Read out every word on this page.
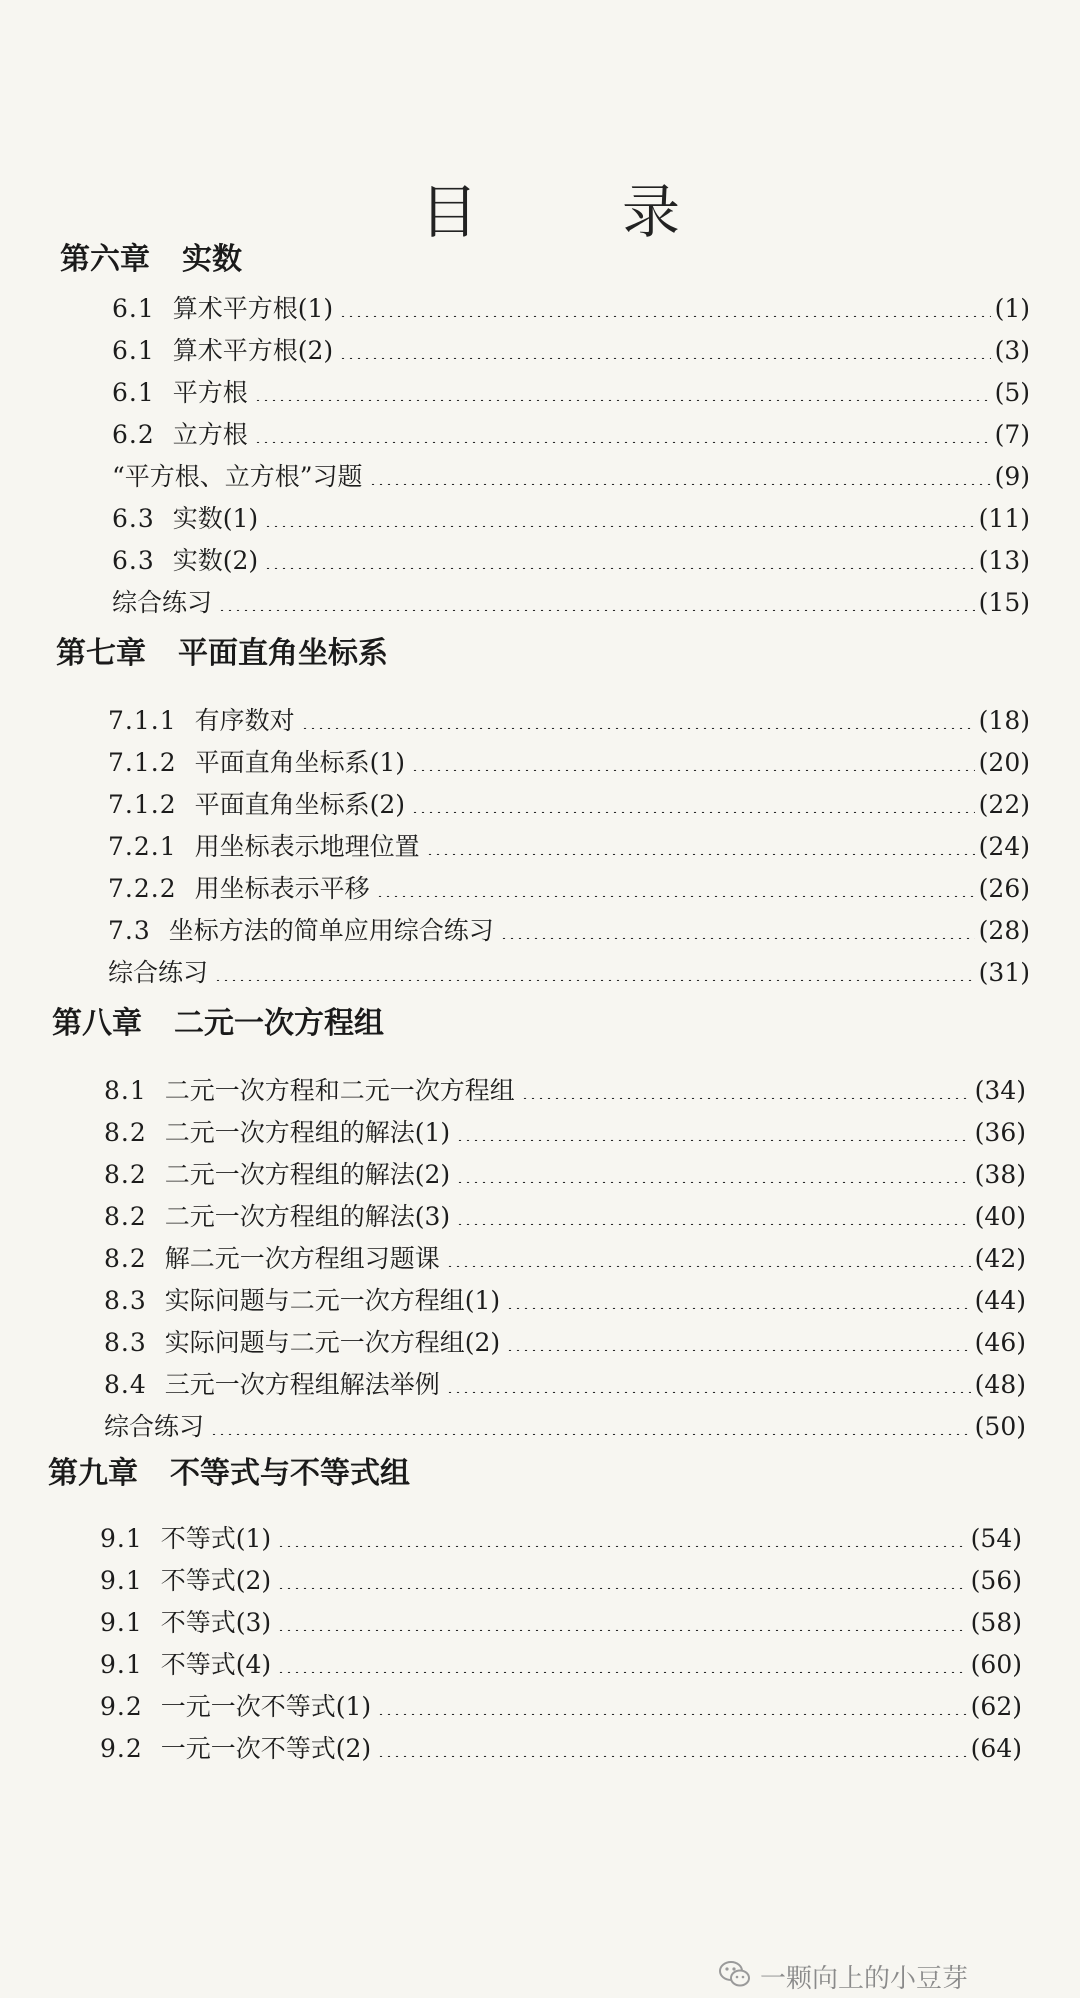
目 录
第六章 实数
6.1 算术平方根(1)	(1)
6.1 算术平方根(2)	(3)
6.1 平方根	(5)
6.2 立方根	(7)
“平方根、立方根”习题	(9)
6.3 实数(1)	(11)
6.3 实数(2)	(13)
综合练习	(15)
第七章 平面直角坐标系
7.1.1 有序数对	(18)
7.1.2 平面直角坐标系(1)	(20)
7.1.2 平面直角坐标系(2)	(22)
7.2.1 用坐标表示地理位置	(24)
7.2.2 用坐标表示平移	(26)
7.3 坐标方法的简单应用综合练习	(28)
综合练习	(31)
第八章 二元一次方程组
8.1 二元一次方程和二元一次方程组	(34)
8.2 二元一次方程组的解法(1)	(36)
8.2 二元一次方程组的解法(2)	(38)
8.2 二元一次方程组的解法(3)	(40)
8.2 解二元一次方程组习题课	(42)
8.3 实际问题与二元一次方程组(1)	(44)
8.3 实际问题与二元一次方程组(2)	(46)
8.4 三元一次方程组解法举例	(48)
综合练习	(50)
第九章 不等式与不等式组
9.1 不等式(1)	(54)
9.1 不等式(2)	(56)
9.1 不等式(3)	(58)
9.1 不等式(4)	(60)
9.2 一元一次不等式(1)	(62)
9.2 一元一次不等式(2)	(64)
一颗向上的小豆芽
